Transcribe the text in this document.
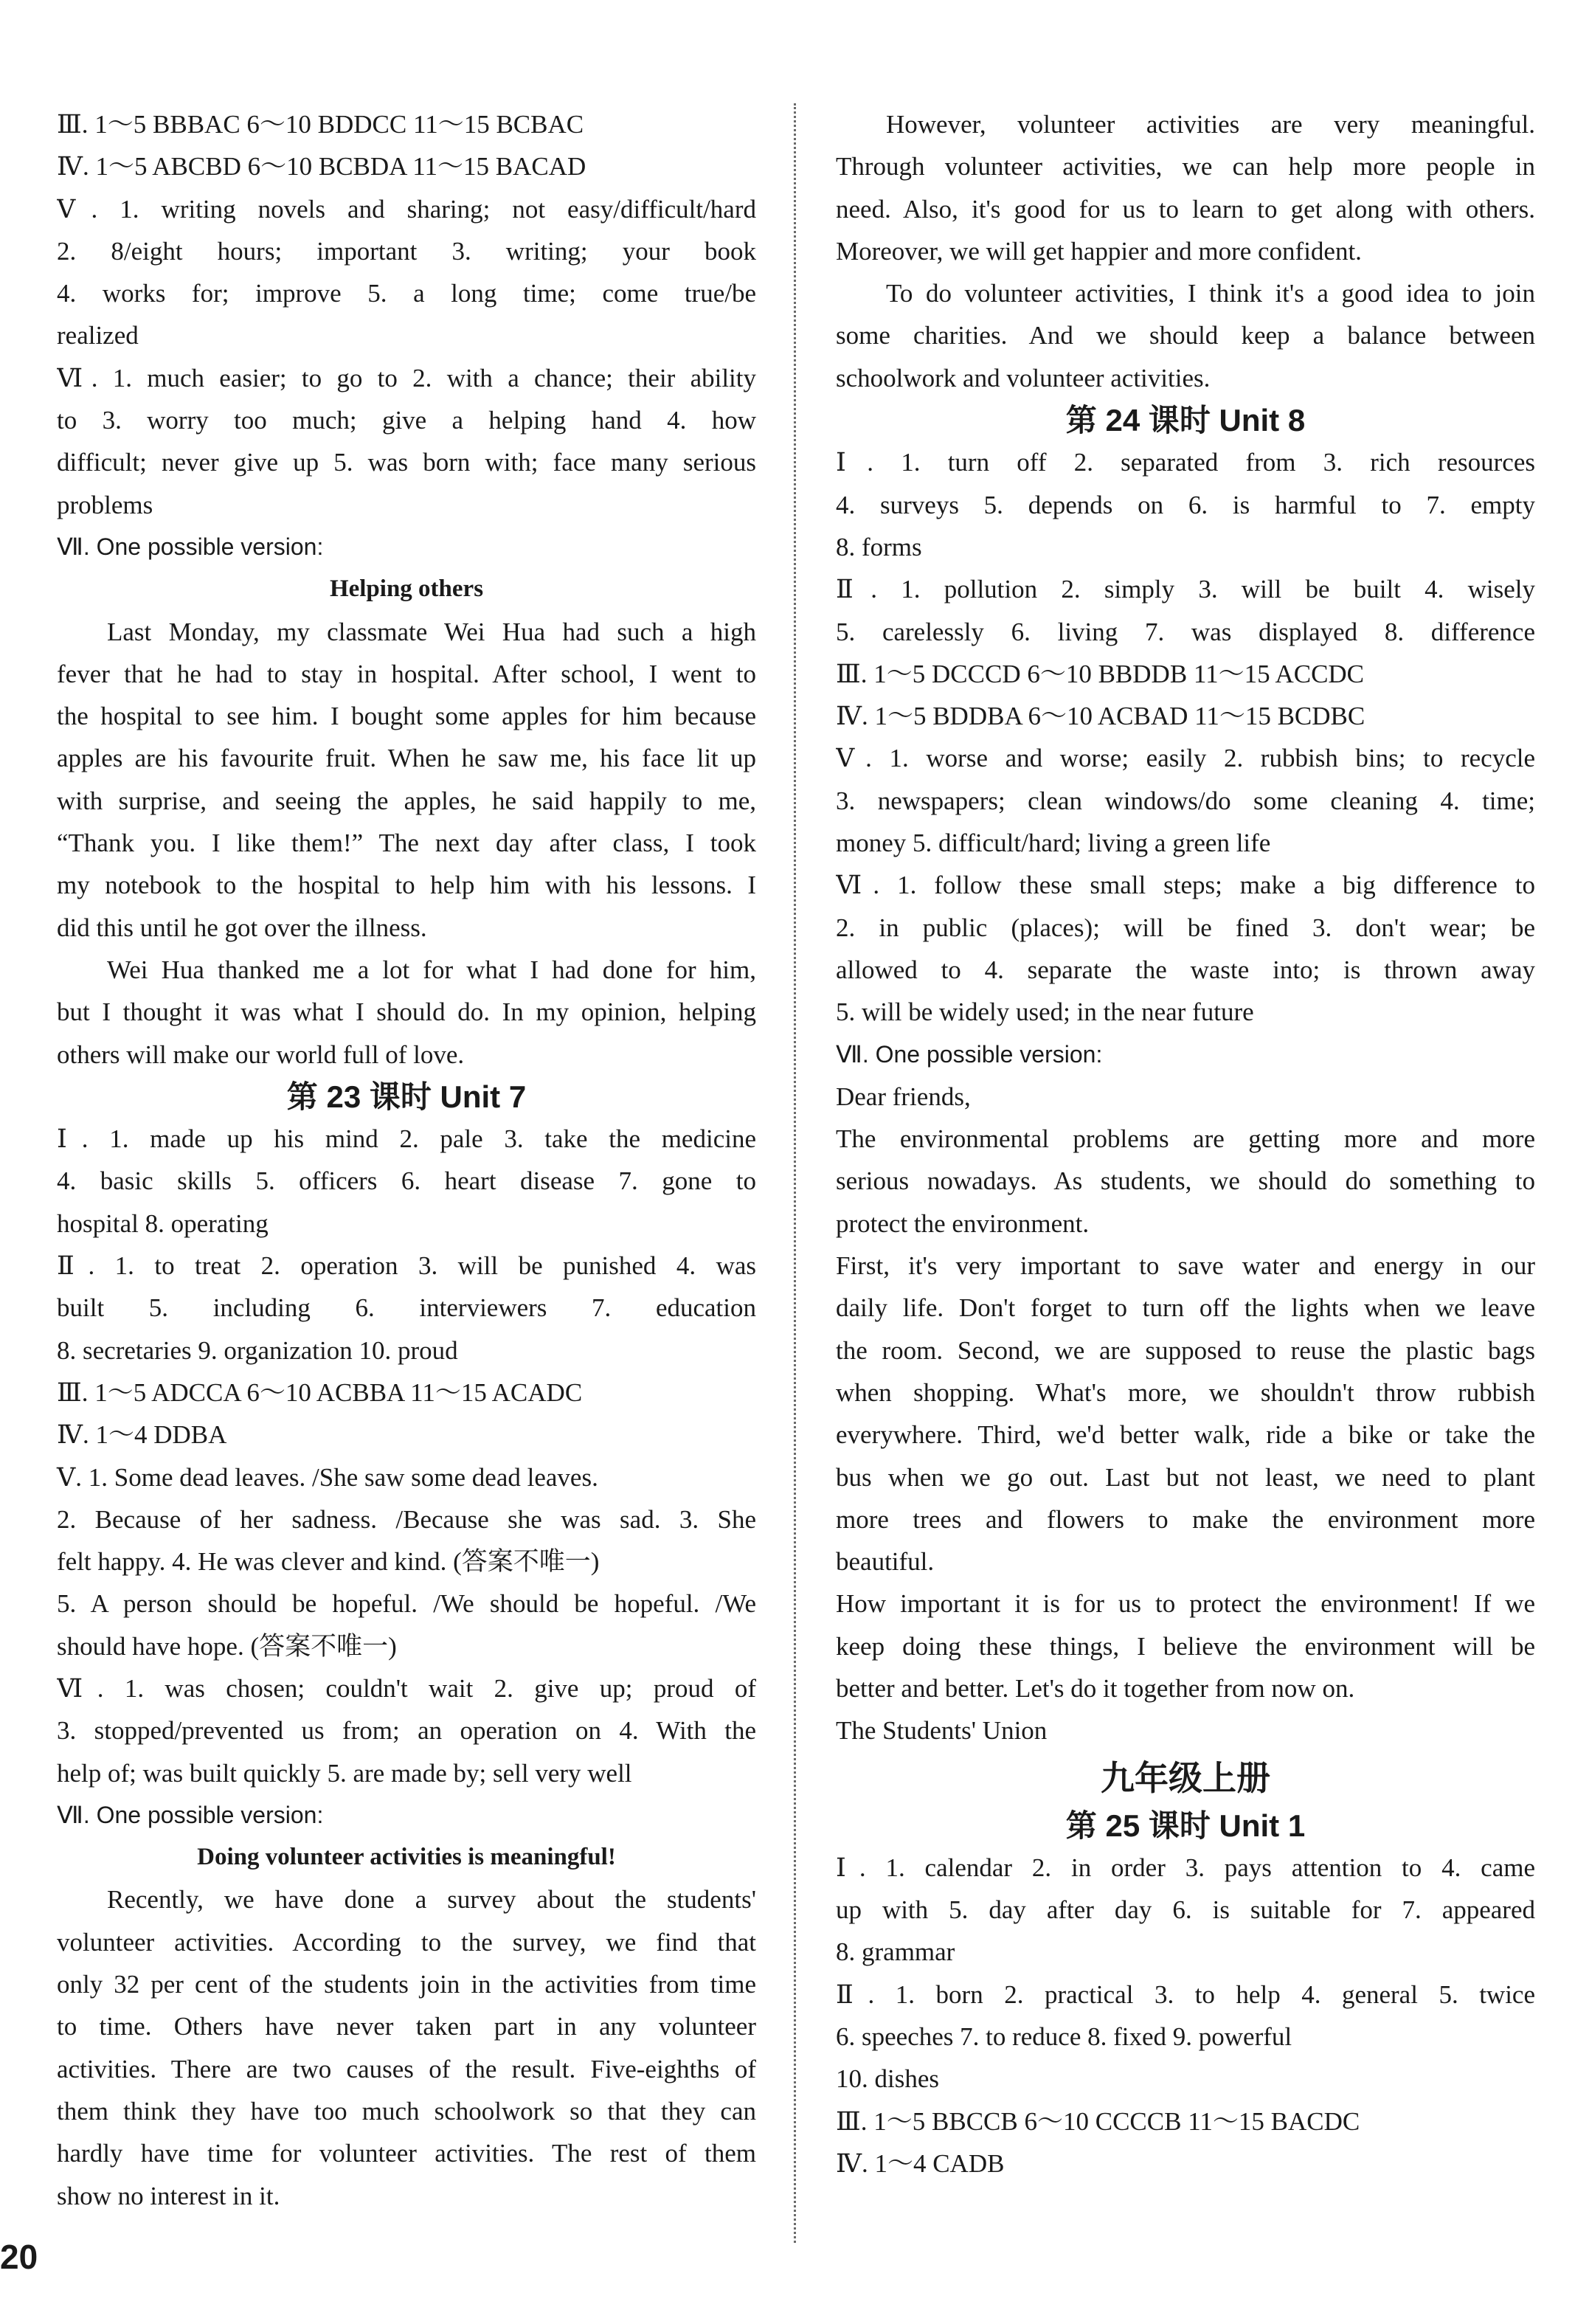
Ⅲ. 1～5 BBBAC 6～10 BDDCC 11～15 BCBAC
Ⅳ. 1～5 ABCBD 6～10 BCBDA 11～15 BACAD
Ⅴ. 1. writing novels and sharing; not easy/difficult/hard
2. 8/eight hours; important 3. writing; your book
4. works for; improve 5. a long time; come true/be
realized
Ⅵ. 1. much easier; to go to 2. with a chance; their ability
to 3. worry too much; give a helping hand 4. how
difficult; never give up 5. was born with; face many serious
problems
Ⅶ. One possible version:
Helping others
Last Monday, my classmate Wei Hua had such a high
fever that he had to stay in hospital. After school, I went to
the hospital to see him. I bought some apples for him because
apples are his favourite fruit. When he saw me, his face lit up
with surprise, and seeing the apples, he said happily to me,
“Thank you. I like them!” The next day after class, I took
my notebook to the hospital to help him with his lessons. I
did this until he got over the illness.
Wei Hua thanked me a lot for what I had done for him,
but I thought it was what I should do. In my opinion, helping
others will make our world full of love.
第 23 课时 Unit 7
Ⅰ. 1. made up his mind 2. pale 3. take the medicine
4. basic skills 5. officers 6. heart disease 7. gone to
hospital 8. operating
Ⅱ. 1. to treat 2. operation 3. will be punished 4. was
built 5. including 6. interviewers 7. education
8. secretaries 9. organization 10. proud
Ⅲ. 1～5 ADCCA 6～10 ACBBA 11～15 ACADC
Ⅳ. 1～4 DDBA
Ⅴ. 1. Some dead leaves. /She saw some dead leaves.
2. Because of her sadness. /Because she was sad. 3. She
felt happy. 4. He was clever and kind. (答案不唯一)
5. A person should be hopeful. /We should be hopeful. /We
should have hope. (答案不唯一)
Ⅵ. 1. was chosen; couldn't wait 2. give up; proud of
3. stopped/prevented us from; an operation on 4. With the
help of; was built quickly 5. are made by; sell very well
Ⅶ. One possible version:
Doing volunteer activities is meaningful!
Recently, we have done a survey about the students'
volunteer activities. According to the survey, we find that
only 32 per cent of the students join in the activities from time
to time. Others have never taken part in any volunteer
activities. There are two causes of the result. Five-eighths of
them think they have too much schoolwork so that they can
hardly have time for volunteer activities. The rest of them
show no interest in it.
However, volunteer activities are very meaningful.
Through volunteer activities, we can help more people in
need. Also, it's good for us to learn to get along with others.
Moreover, we will get happier and more confident.
To do volunteer activities, I think it's a good idea to join
some charities. And we should keep a balance between
schoolwork and volunteer activities.
第 24 课时 Unit 8
Ⅰ. 1. turn off 2. separated from 3. rich resources
4. surveys 5. depends on 6. is harmful to 7. empty
8. forms
Ⅱ. 1. pollution 2. simply 3. will be built 4. wisely
5. carelessly 6. living 7. was displayed 8. difference
Ⅲ. 1～5 DCCCD 6～10 BBDDB 11～15 ACCDC
Ⅳ. 1～5 BDDBA 6～10 ACBAD 11～15 BCDBC
Ⅴ. 1. worse and worse; easily 2. rubbish bins; to recycle
3. newspapers; clean windows/do some cleaning 4. time;
money 5. difficult/hard; living a green life
Ⅵ. 1. follow these small steps; make a big difference to
2. in public (places); will be fined 3. don't wear; be
allowed to 4. separate the waste into; is thrown away
5. will be widely used; in the near future
Ⅶ. One possible version:
Dear friends,
The environmental problems are getting more and more
serious nowadays. As students, we should do something to
protect the environment.
First, it's very important to save water and energy in our
daily life. Don't forget to turn off the lights when we leave
the room. Second, we are supposed to reuse the plastic bags
when shopping. What's more, we shouldn't throw rubbish
everywhere. Third, we'd better walk, ride a bike or take the
bus when we go out. Last but not least, we need to plant
more trees and flowers to make the environment more
beautiful.
How important it is for us to protect the environment! If we
keep doing these things, I believe the environment will be
better and better. Let's do it together from now on.
The Students' Union
九年级上册
第 25 课时 Unit 1
Ⅰ. 1. calendar 2. in order 3. pays attention to 4. came
up with 5. day after day 6. is suitable for 7. appeared
8. grammar
Ⅱ. 1. born 2. practical 3. to help 4. general 5. twice
6. speeches 7. to reduce 8. fixed 9. powerful
10. dishes
Ⅲ. 1～5 BBCCB 6～10 CCCCB 11～15 BACDC
Ⅳ. 1～4 CADB
20
